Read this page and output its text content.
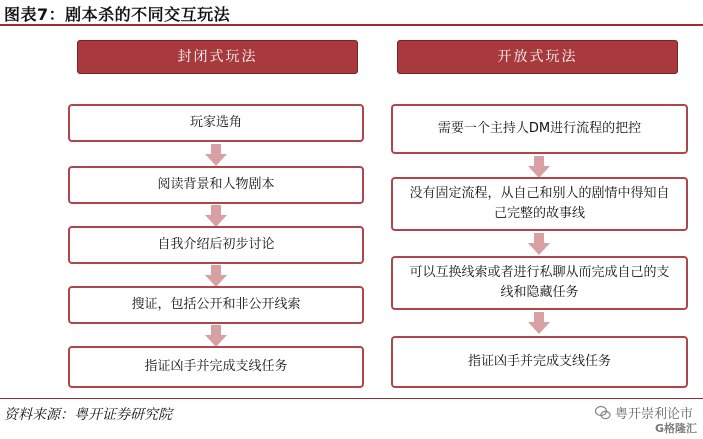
图表7：剧本杀的不同交互玩法
封闭式玩法
玩家选角
阅读背景和人物剧本
自我介绍后初步讨论
搜证，包括公开和非公开线索
指证凶手并完成支线任务
开放式玩法
需要一个主持人DM进行流程的把控
没有固定流程，从自己和别人的剧情中得知自己完整的故事线
可以互换线索或者进行私聊从而完成自己的支线和隐藏任务
指证凶手并完成支线任务
资料来源：粤开证券研究院	粤开崇利论市
G格隆汇
